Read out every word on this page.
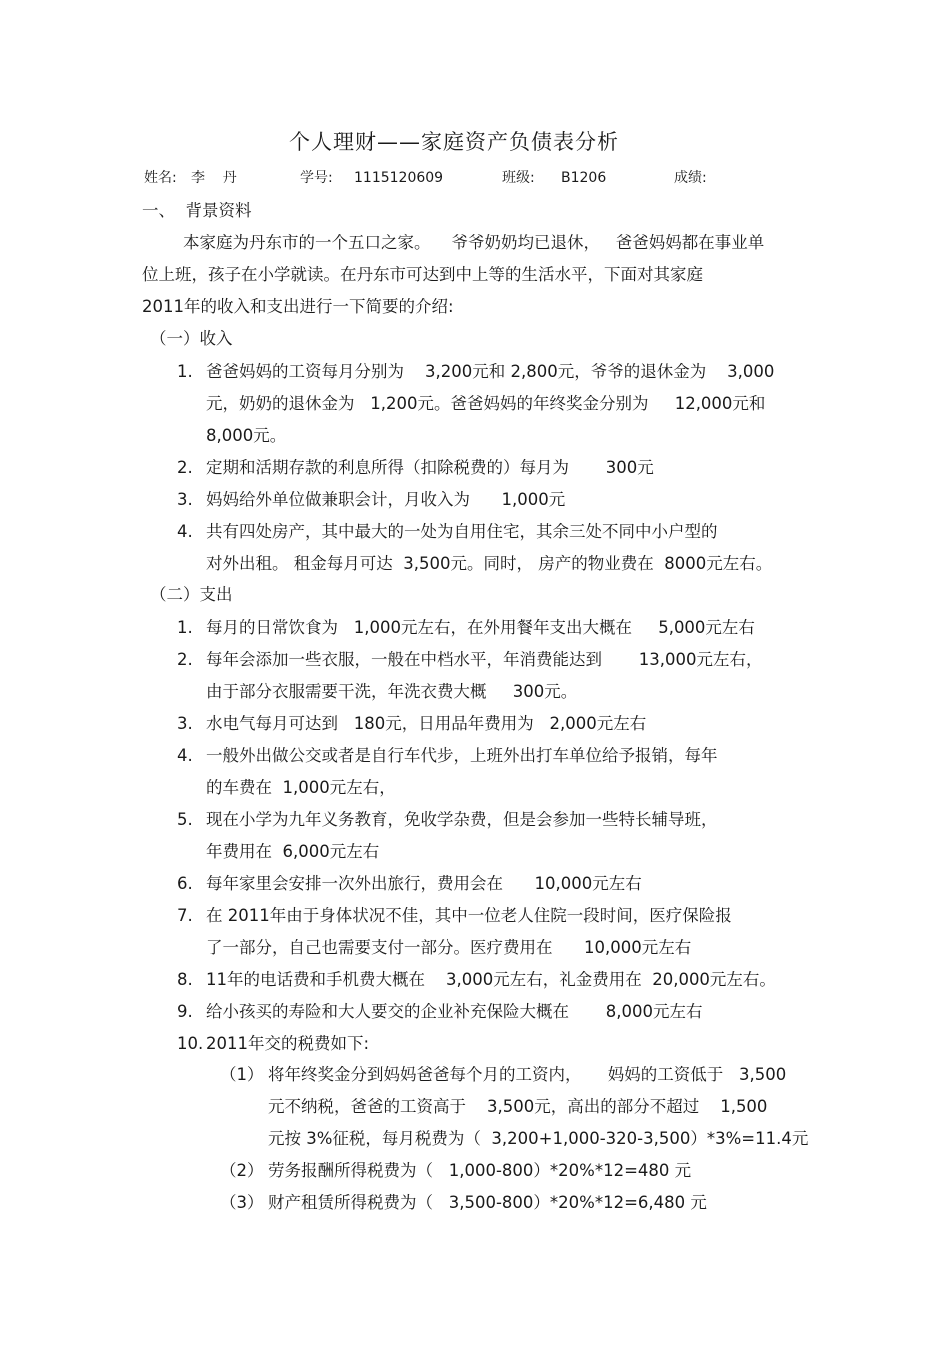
个人理财——家庭资产负债表分析
姓名: 李    丹	学号: 1115120609	班级: B1206	成绩:
一、  背景资料
本家庭为丹东市的一个五口之家。    爷爷奶奶均已退休，   爸爸妈妈都在事业单
位上班，孩子在小学就读。在丹东市可达到中上等的生活水平，下面对其家庭
2011年的收入和支出进行一下简要的介绍:
（一）收入
1. 爸爸妈妈的工资每月分别为    3,200元和 2,800元，爷爷的退休金为    3,000
元，奶奶的退休金为   1,200元。爸爸妈妈的年终奖金分别为     12,000元和
8,000元。
2. 定期和活期存款的利息所得（扣除税费的）每月为       300元
3. 妈妈给外单位做兼职会计，月收入为      1,000元
4. 共有四处房产，其中最大的一处为自用住宅，其余三处不同中小户型的
对外出租。 租金每月可达  3,500元。同时， 房产的物业费在  8000元左右。
（二）支出
1. 每月的日常饮食为   1,000元左右，在外用餐年支出大概在     5,000元左右
2. 每年会添加一些衣服，一般在中档水平，年消费能达到       13,000元左右，
由于部分衣服需要干洗，年洗衣费大概     300元。
3. 水电气每月可达到   180元，日用品年费用为   2,000元左右
4. 一般外出做公交或者是自行车代步，上班外出打车单位给予报销，每年
的车费在  1,000元左右，
5. 现在小学为九年义务教育，免收学杂费，但是会参加一些特长辅导班，
年费用在  6,000元左右
6. 每年家里会安排一次外出旅行，费用会在      10,000元左右
7. 在 2011年由于身体状况不佳，其中一位老人住院一段时间，医疗保险报
了一部分，自己也需要支付一部分。医疗费用在      10,000元左右
8. 11年的电话费和手机费大概在    3,000元左右，礼金费用在  20,000元左右。
9. 给小孩买的寿险和大人要交的企业补充保险大概在       8,000元左右
10. 2011年交的税费如下:
（1） 将年终奖金分到妈妈爸爸每个月的工资内，     妈妈的工资低于   3,500
元不纳税，爸爸的工资高于    3,500元，高出的部分不超过    1,500
元按 3%征税，每月税费为（  3,200+1,000-320-3,500）*3%=11.4元
（2） 劳务报酬所得税费为（   1,000-800）*20%*12=480 元
（3） 财产租赁所得税费为（   3,500-800）*20%*12=6,480 元
